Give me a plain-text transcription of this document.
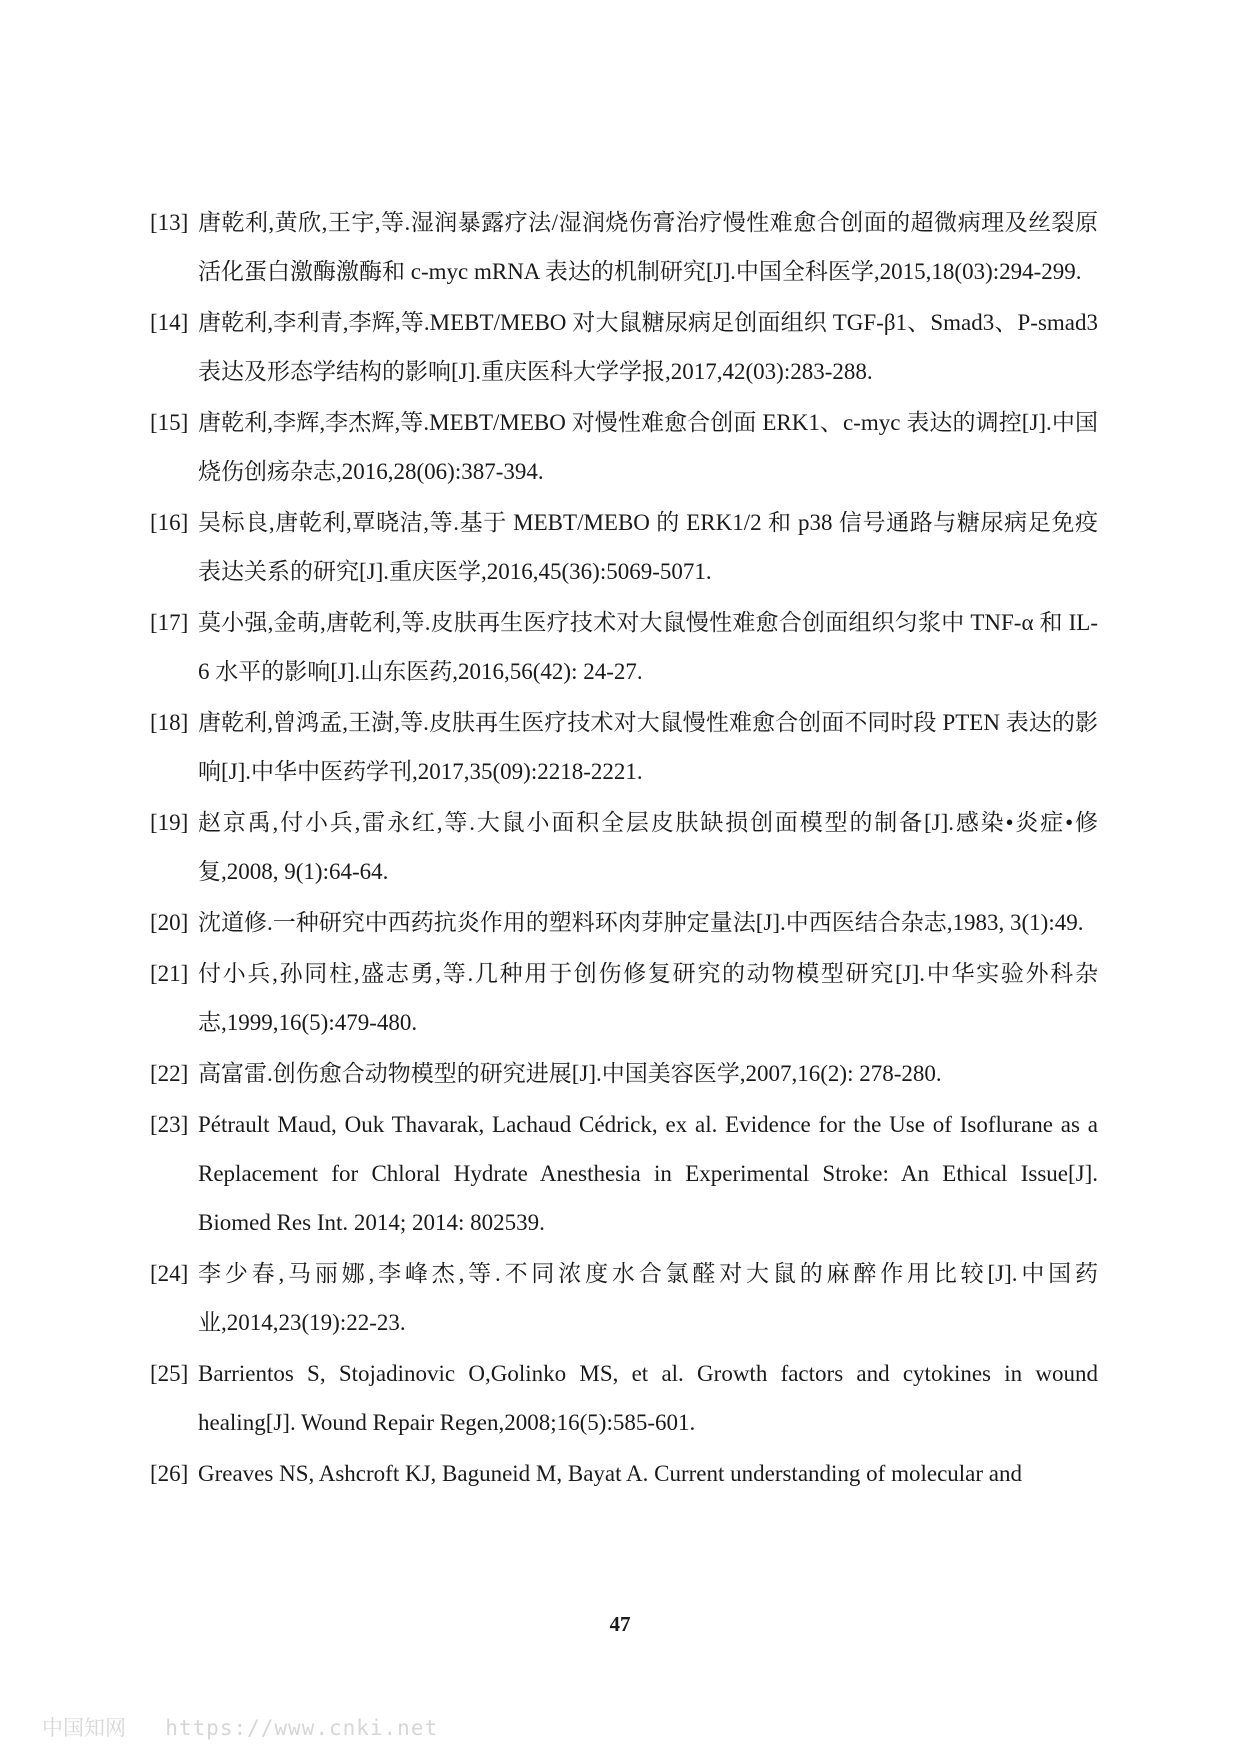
[13] 唐乾利,黄欣,王宇,等.湿润暴露疗法/湿润烧伤膏治疗慢性难愈合创面的超微病理及丝裂原活化蛋白激酶激酶和 c-myc mRNA 表达的机制研究[J].中国全科医学,2015,18(03):294-299.
[14] 唐乾利,李利青,李辉,等.MEBT/MEBO 对大鼠糖尿病足创面组织 TGF-β1、Smad3、P-smad3 表达及形态学结构的影响[J].重庆医科大学学报,2017,42(03):283-288.
[15] 唐乾利,李辉,李杰辉,等.MEBT/MEBO 对慢性难愈合创面 ERK1、c-myc 表达的调控[J].中国烧伤创疡杂志,2016,28(06):387-394.
[16] 吴标良,唐乾利,覃晓洁,等.基于 MEBT/MEBO 的 ERK1/2 和 p38 信号通路与糖尿病足免疫表达关系的研究[J].重庆医学,2016,45(36):5069-5071.
[17] 莫小强,金萌,唐乾利,等.皮肤再生医疗技术对大鼠慢性难愈合创面组织匀浆中 TNF-α 和 IL-6 水平的影响[J].山东医药,2016,56(42): 24-27.
[18] 唐乾利,曾鸿孟,王澍,等.皮肤再生医疗技术对大鼠慢性难愈合创面不同时段 PTEN 表达的影响[J].中华中医药学刊,2017,35(09):2218-2221.
[19] 赵京禹,付小兵,雷永红,等.大鼠小面积全层皮肤缺损创面模型的制备[J].感染•炎症•修复,2008, 9(1):64-64.
[20] 沈道修.一种研究中西药抗炎作用的塑料环肉芽肿定量法[J].中西医结合杂志,1983, 3(1):49.
[21] 付小兵,孙同柱,盛志勇,等.几种用于创伤修复研究的动物模型研究[J].中华实验外科杂志,1999,16(5):479-480.
[22] 高富雷.创伤愈合动物模型的研究进展[J].中国美容医学,2007,16(2): 278-280.
[23] Pétrault Maud, Ouk Thavarak, Lachaud Cédrick, ex al. Evidence for the Use of Isoflurane as a Replacement for Chloral Hydrate Anesthesia in Experimental Stroke: An Ethical Issue[J]. Biomed Res Int. 2014; 2014: 802539.
[24] 李少春,马丽娜,李峰杰,等.不同浓度水合氯醛对大鼠的麻醉作用比较[J].中国药业,2014,23(19):22-23.
[25] Barrientos S, Stojadinovic O,Golinko MS, et al. Growth factors and cytokines in wound healing[J]. Wound Repair Regen,2008;16(5):585-601.
[26] Greaves NS, Ashcroft KJ, Baguneid M, Bayat A. Current understanding of molecular and
47
中国知网 https://www.cnki.net
